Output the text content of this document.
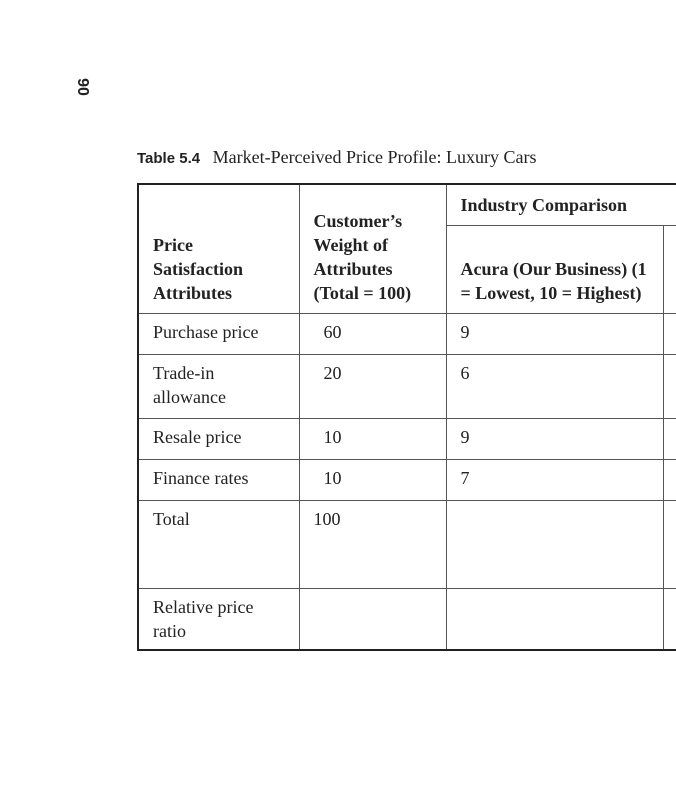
90
Table 5.4 Market-Perceived Price Profile: Luxury Cars
Price Satisfaction Attributes	Customer’s Weight of Attributes (Total = 100)	Industry Comparison	

		Acura (Our Business) (1 = Lowest, 10 = Highest)	

Purchase price	60	9	

Trade-in allowance	20	6	

Resale price	10	9	

Finance rates	10	7	

Total	100		

Relative price ratio			
